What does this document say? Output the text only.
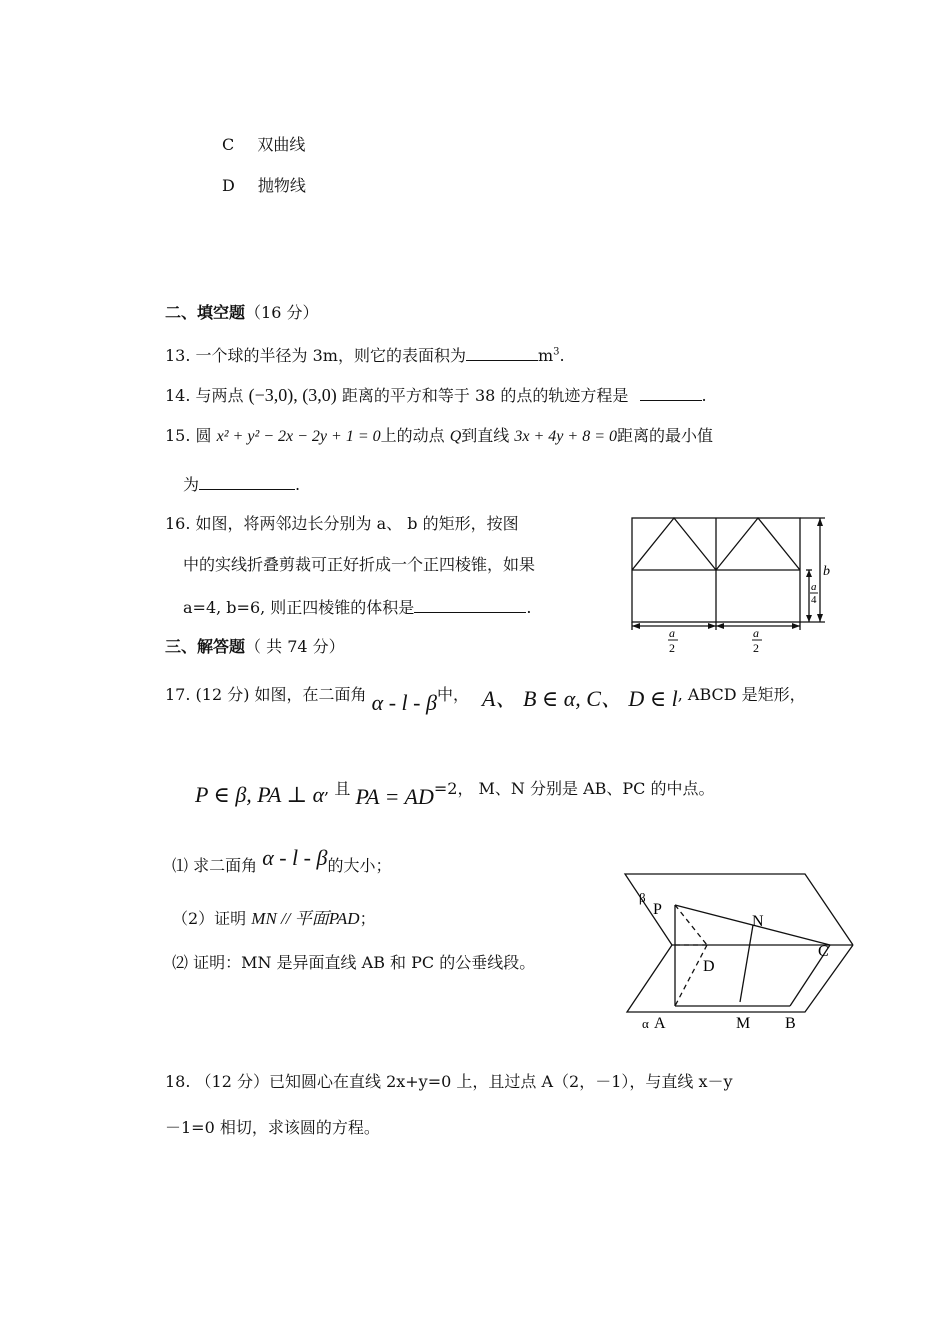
C 双曲线
D 抛物线
二、填空题（16 分）
13. 一个球的半径为 3m，则它的表面积为	$m^3$.
14. 与两点 (−3,0), (3,0) 距离的平方和等于 38 的点的轨迹方程是	.
15. 圆 x² + y² − 2x − 2y + 1 = 0上的动点 Q到直线 3x + 4y + 8 = 0距离的最小值
为	.
16. 如图，将两邻边长分别为 a、 b 的矩形，按图
中的实线折叠剪裁可正好折成一个正四棱锥，如果
a=4, b=6, 则正四棱锥的体积是	.
b
a
4
a
2
a
2
三、解答题（ 共 74 分）
17. (12 分) 如图，在二面角 α - l - β中， A、 B ∈ α, C、 D ∈ l, ABCD 是矩形，
P ∈ β, PA ⊥ α, 且 PA = AD=2， M、N 分别是 AB、PC 的中点。
⑴ 求二面角 α - l - β的大小；
（2）证明 MN // 平面PAD；
⑵ 证明：MN 是异面直线 AB 和 PC 的公垂线段。
β
P
N
C
D
α A	M B
18. （12 分）已知圆心在直线 2x+y=0 上，且过点 A（2，－1），与直线 x－y
－1=0 相切，求该圆的方程。
